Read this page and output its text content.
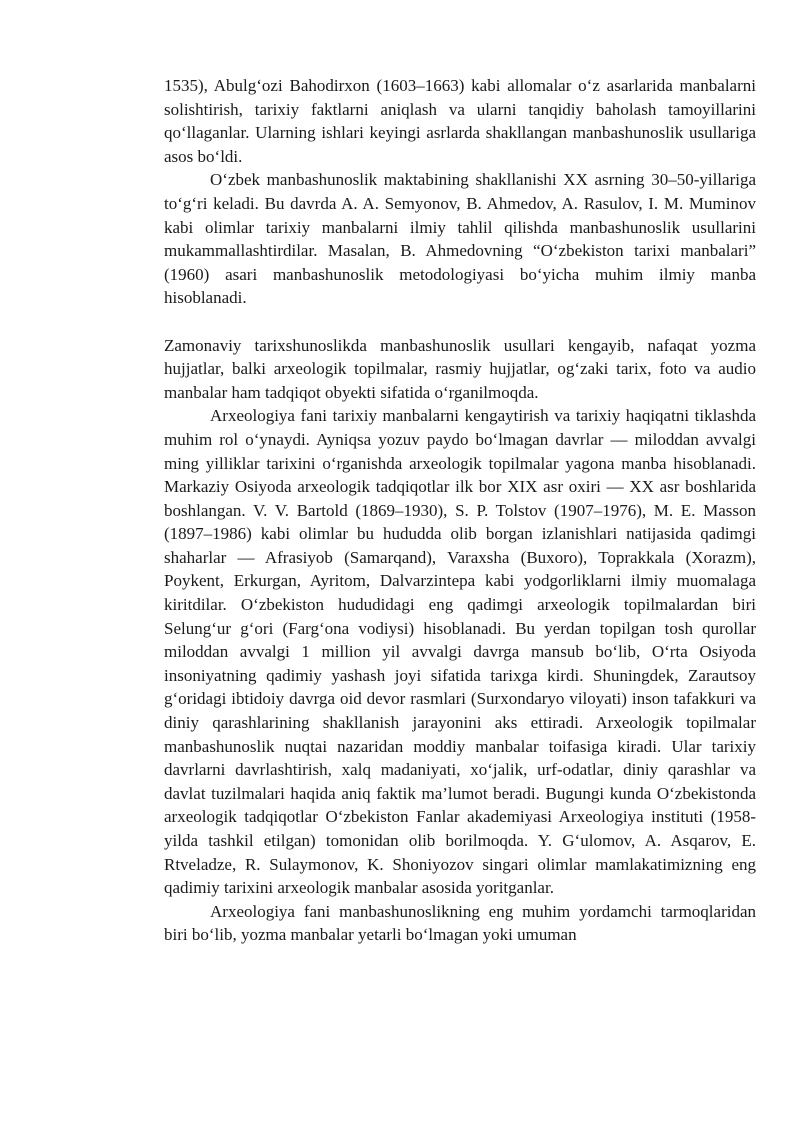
1535), Abulg‘ozi Bahodirxon (1603–1663) kabi allomalar o‘z asarlarida manbalarni solishtirish, tarixiy faktlarni aniqlash va ularni tanqidiy baholash tamoyillarini qo‘llaganlar. Ularning ishlari keyingi asrlarda shakllangan manbashunoslik usullariga asos bo‘ldi.

O‘zbek manbashunoslik maktabining shakllanishi XX asrning 30–50-yillariga to‘g‘ri keladi. Bu davrda A. A. Semyonov, B. Ahmedov, A. Rasulov, I. M. Muminov kabi olimlar tarixiy manbalarni ilmiy tahlil qilishda manbashunoslik usullarini mukammallashtirdilar. Masalan, B. Ahmedovning “O‘zbekiston tarixi manbalari” (1960) asari manbashunoslik metodologiyasi bo‘yicha muhim ilmiy manba hisoblanadi.

Zamonaviy tarixshunoslikda manbashunoslik usullari kengayib, nafaqat yozma hujjatlar, balki arxeologik topilmalar, rasmiy hujjatlar, og‘zaki tarix, foto va audio manbalar ham tadqiqot obyekti sifatida o‘rganilmoqda.

Arxeologiya fani tarixiy manbalarni kengaytirish va tarixiy haqiqatni tiklashda muhim rol o‘ynaydi. Ayniqsa yozuv paydo bo‘lmagan davrlar — miloddan avvalgi ming yilliklar tarixini o‘rganishda arxeologik topilmalar yagona manba hisoblanadi. Markaziy Osiyoda arxeologik tadqiqotlar ilk bor XIX asr oxiri — XX asr boshlarida boshlangan. V. V. Bartold (1869–1930), S. P. Tolstov (1907–1976), M. E. Masson (1897–1986) kabi olimlar bu hududda olib borgan izlanishlari natijasida qadimgi shaharlar — Afrasiyob (Samarqand), Varaxsha (Buxoro), Toprakkala (Xorazm), Poykent, Erkurgan, Ayritom, Dalvarzintepa kabi yodgorliklarni ilmiy muomalaga kiritdilar. O‘zbekiston hududidagi eng qadimgi arxeologik topilmalardan biri Selung‘ur g‘ori (Farg‘ona vodiysi) hisoblanadi. Bu yerdan topilgan tosh qurollar miloddan avvalgi 1 million yil avvalgi davrga mansub bo‘lib, O‘rta Osiyoda insoniyatning qadimiy yashash joyi sifatida tarixga kirdi. Shuningdek, Zarautsoy g‘oridagi ibtidoiy davrga oid devor rasmlari (Surxondaryo viloyati) inson tafakkuri va diniy qarashlarining shakllanish jarayonini aks ettiradi. Arxeologik topilmalar manbashunoslik nuqtai nazaridan moddiy manbalar toifasiga kiradi. Ular tarixiy davrlarni davrlashtirish, xalq madaniyati, xo‘jalik, urf-odatlar, diniy qarashlar va davlat tuzilmalari haqida aniq faktik ma’lumot beradi. Bugungi kunda O‘zbekistonda arxeologik tadqiqotlar O‘zbekiston Fanlar akademiyasi Arxeologiya instituti (1958-yilda tashkil etilgan) tomonidan olib borilmoqda. Y. G‘ulomov, A. Asqarov, E. Rtveladze, R. Sulaymonov, K. Shoniyozov singari olimlar mamlakatimizning eng qadimiy tarixini arxeologik manbalar asosida yoritganlar.

Arxeologiya fani manbashunoslikning eng muhim yordamchi tarmoqlaridan biri bo‘lib, yozma manbalar yetarli bo‘lmagan yoki umuman
